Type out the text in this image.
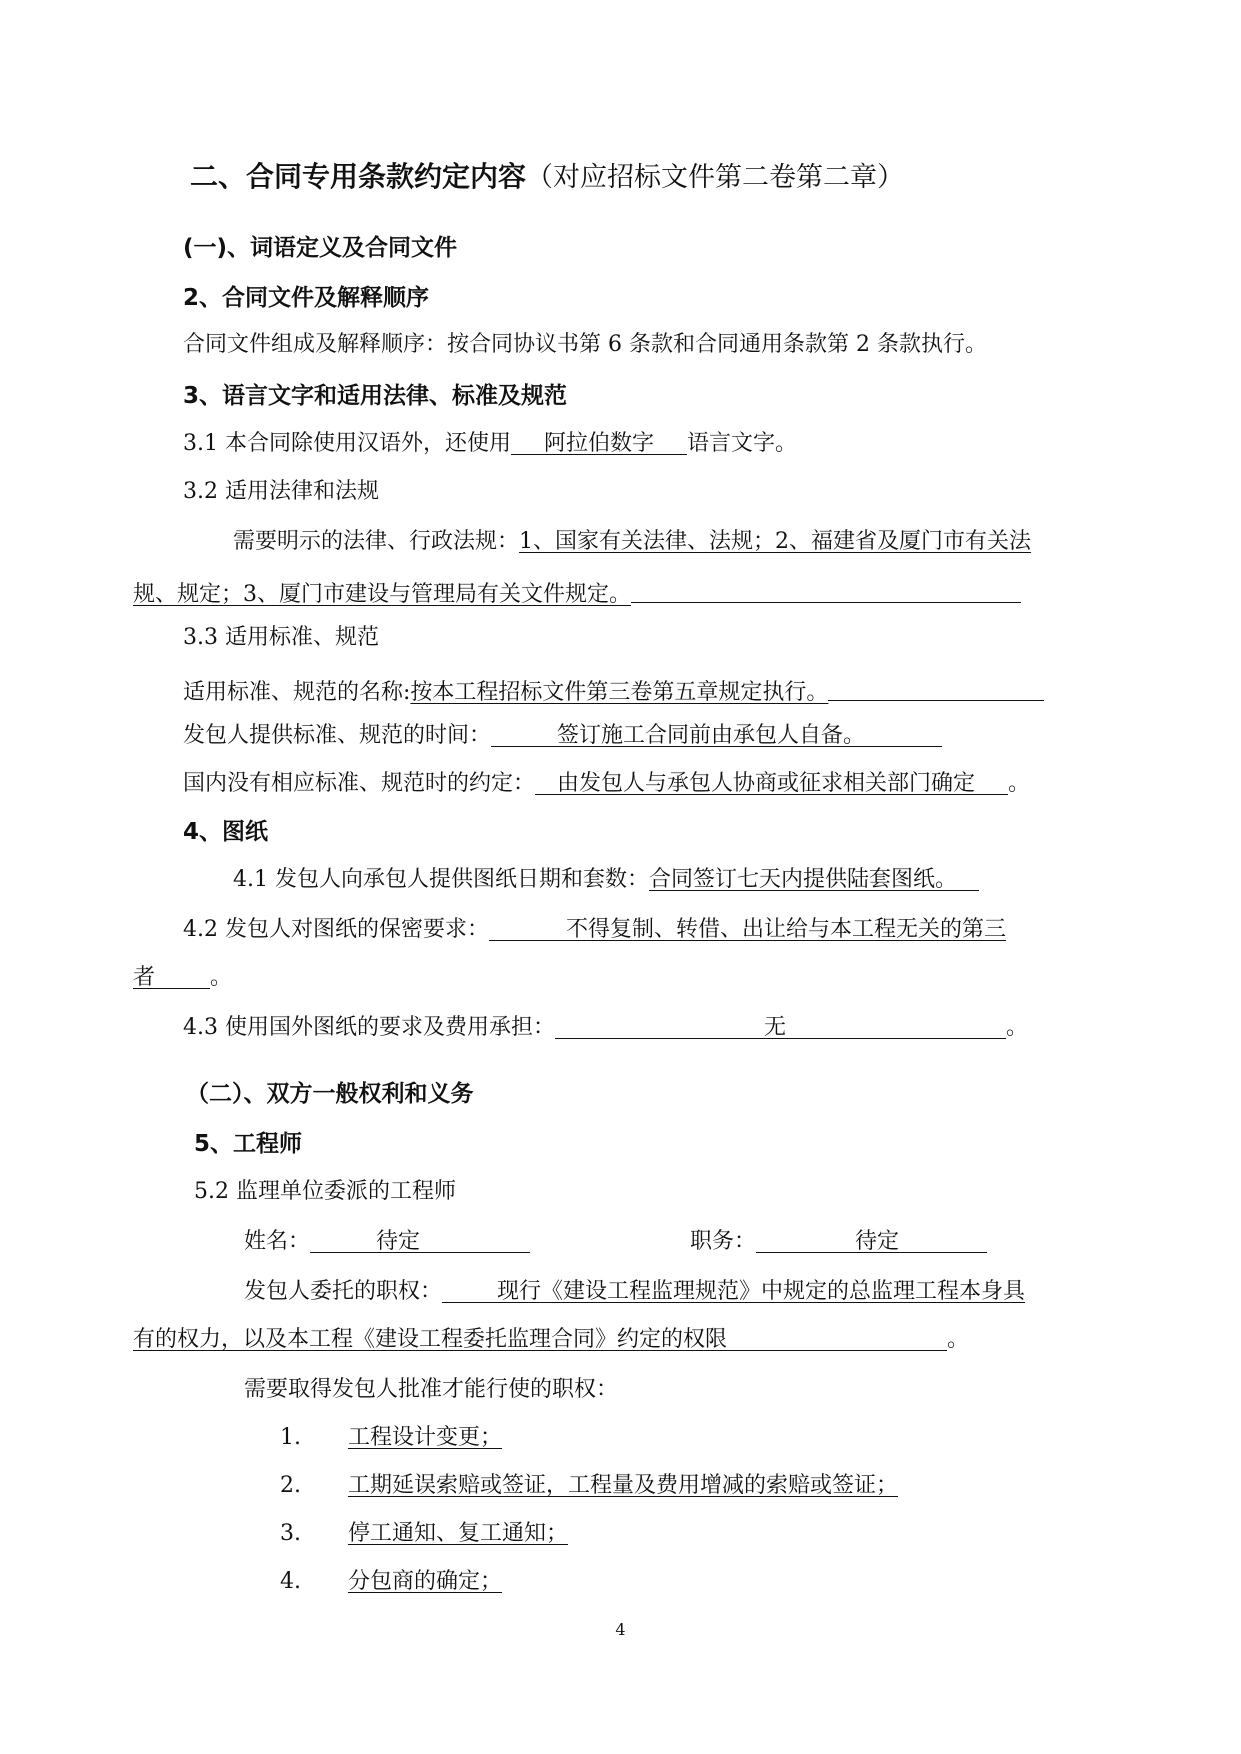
二、合同专用条款约定内容（对应招标文件第二卷第二章）
(一)、词语定义及合同文件
2、合同文件及解释顺序
合同文件组成及解释顺序：按合同协议书第 6 条款和合同通用条款第 2 条款执行。
3、语言文字和适用法律、标准及规范
3.1 本合同除使用汉语外，还使用   阿拉伯数字   语言文字。
3.2 适用法律和法规
需要明示的法律、行政法规：1、国家有关法律、法规；2、福建省及厦门市有关法
规、规定；3、厦门市建设与管理局有关文件规定。
3.3 适用标准、规范
适用标准、规范的名称:按本工程招标文件第三卷第五章规定执行。
发包人提供标准、规范的时间：   	签订施工合同前由承包人自备。    
国内没有相应标准、规范时的约定：  由发包人与承包人协商或征求相关部门确定   。
4、图纸
4.1 发包人向承包人提供图纸日期和套数：合同签订七天内提供陆套图纸。 
4.2 发包人对图纸的保密要求：    	不得复制、转借、出让给与本工程无关的第三
者   	。
4.3 使用国外图纸的要求及费用承担：          	无          	。
（二）、双方一般权利和义务
5、工程师
5.2 监理单位委派的工程师
姓名：   	待定     	职务：     	待定    
发包人委托的职权：   	现行《建设工程监理规范》中规定的总监理工程本身具
有的权力，以及本工程《建设工程委托监理合同》约定的权限          	。
需要取得发包人批准才能行使的职权：
1. 工程设计变更；
2. 工期延误索赔或签证，工程量及费用增减的索赔或签证；
3. 停工通知、复工通知；
4. 分包商的确定；
4
